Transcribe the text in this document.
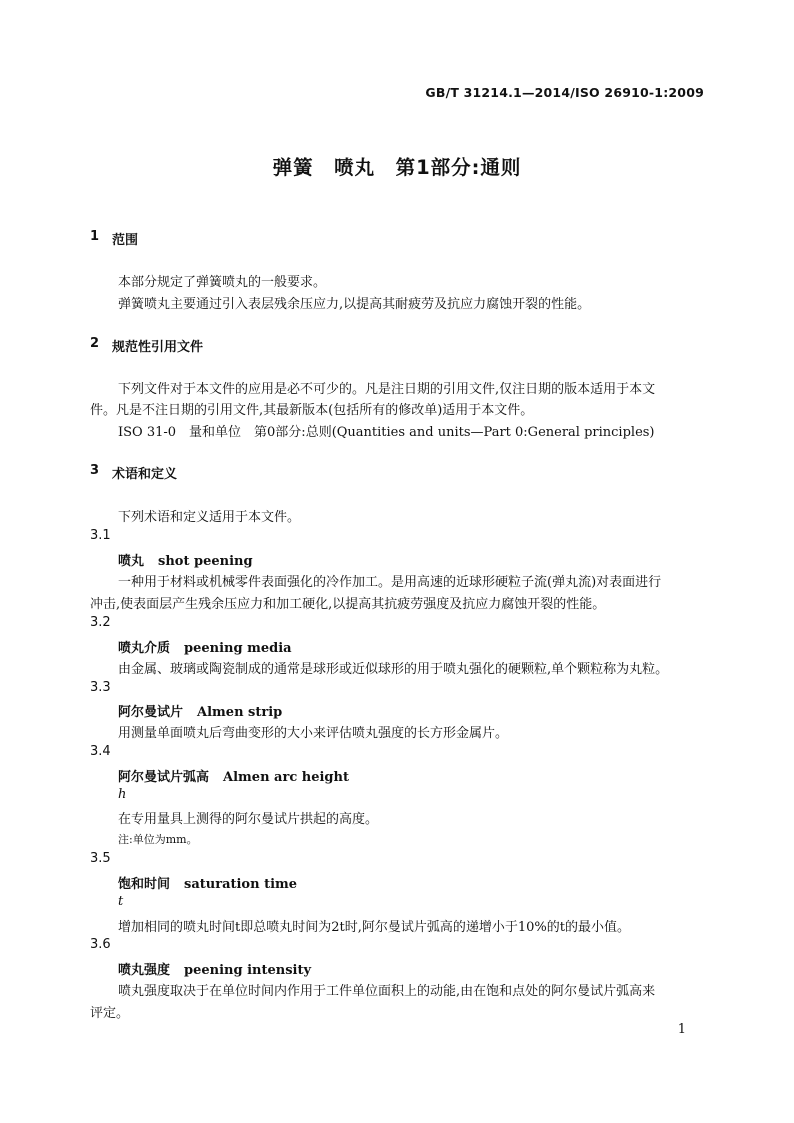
GB/T 31214.1—2014/ISO 26910-1:2009
弹簧　喷丸　第1部分:通则
1 范围
本部分规定了弹簧喷丸的一般要求。
弹簧喷丸主要通过引入表层残余压应力,以提高其耐疲劳及抗应力腐蚀开裂的性能。
2 规范性引用文件
下列文件对于本文件的应用是必不可少的。凡是注日期的引用文件,仅注日期的版本适用于本文
件。凡是不注日期的引用文件,其最新版本(包括所有的修改单)适用于本文件。
ISO 31-0　量和单位　第0部分:总则(Quantities and units—Part 0:General principles)
3 术语和定义
下列术语和定义适用于本文件。
3.1
喷丸 shot peening
一种用于材料或机械零件表面强化的冷作加工。是用高速的近球形硬粒子流(弹丸流)对表面进行
冲击,使表面层产生残余压应力和加工硬化,以提高其抗疲劳强度及抗应力腐蚀开裂的性能。
3.2
喷丸介质 peening media
由金属、玻璃或陶瓷制成的通常是球形或近似球形的用于喷丸强化的硬颗粒,单个颗粒称为丸粒。
3.3
阿尔曼试片 Almen strip
用测量单面喷丸后弯曲变形的大小来评估喷丸强度的长方形金属片。
3.4
阿尔曼试片弧高 Almen arc height
h
在专用量具上测得的阿尔曼试片拱起的高度。
注:单位为mm。
3.5
饱和时间 saturation time
t
增加相同的喷丸时间t即总喷丸时间为2t时,阿尔曼试片弧高的递增小于10%的t的最小值。
3.6
喷丸强度 peening intensity
喷丸强度取决于在单位时间内作用于工件单位面积上的动能,由在饱和点处的阿尔曼试片弧高来
评定。
1
